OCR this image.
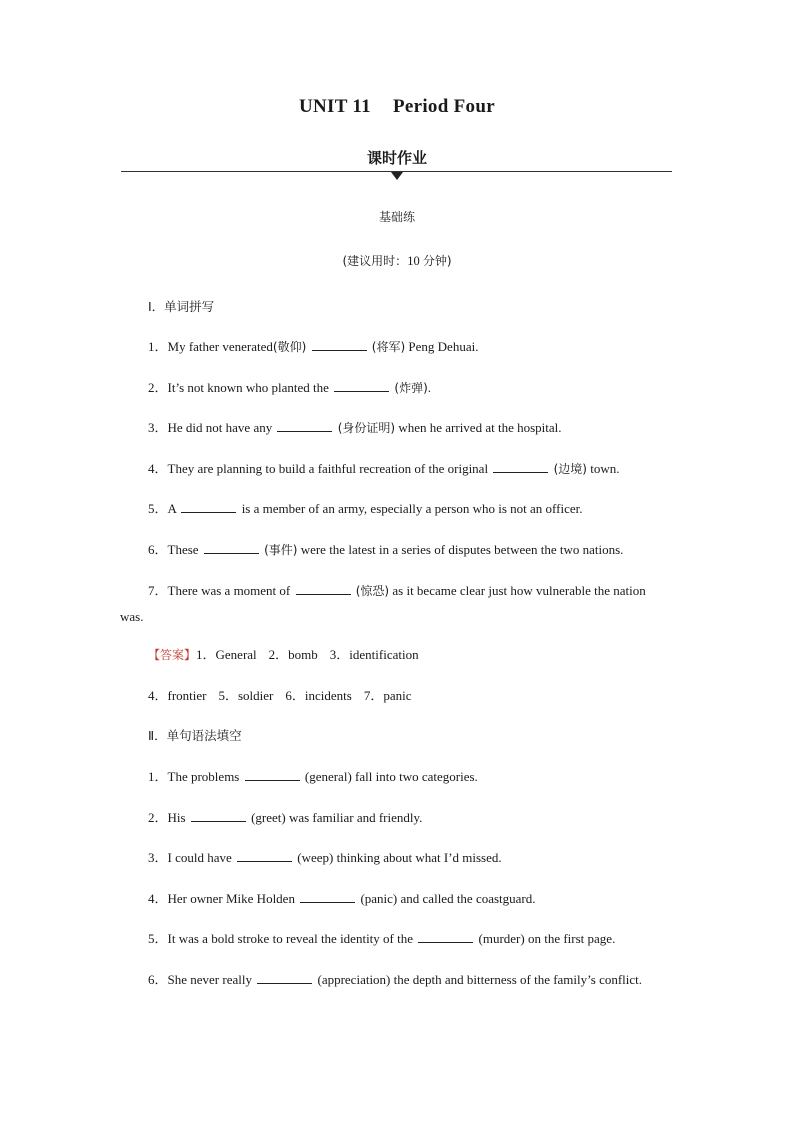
UNIT 11 Period Four
课时作业
基础练
(建议用时：10 分钟)
Ⅰ．单词拼写
1．My father venerated(敬仰)	(将军) Peng Dehuai.
2．It’s not known who planted the	(炸弹).
3．He did not have any	(身份证明) when he arrived at the hospital.
4．They are planning to build a faithful recreation of the original	(边境) town.
5．A	is a member of an army, especially a person who is not an officer.
6．These	(事件) were the latest in a series of disputes between the two nations.
7．There was a moment of	(惊恐) as it became clear just how vulnerable the nation
was.
【答案】1．General 2．bomb 3．identification
4．frontier 5．soldier 6．incidents 7．panic
Ⅱ．单句语法填空
1．The problems	(general) fall into two categories.
2．His	(greet) was familiar and friendly.
3．I could have	(weep) thinking about what I’d missed.
4．Her owner Mike Holden	(panic) and called the coastguard.
5．It was a bold stroke to reveal the identity of the	(murder) on the first page.
6．She never really	(appreciation) the depth and bitterness of the family’s conflict.
